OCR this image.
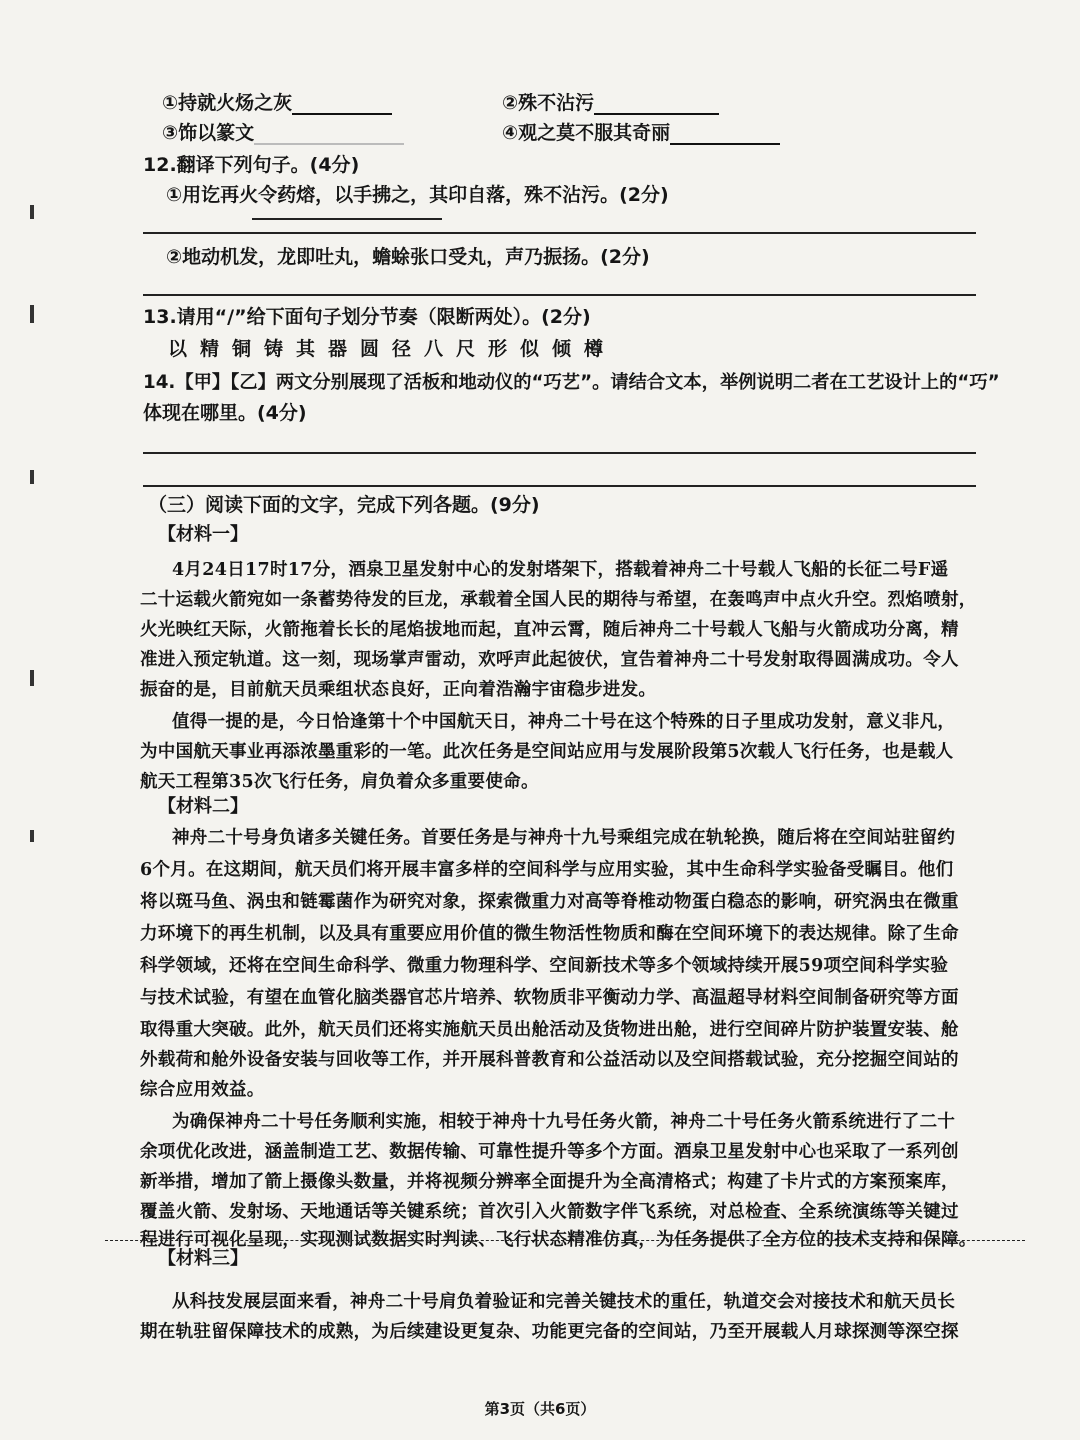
①持就火炀之灰	②殊不沾污
③饰以篆文	④观之莫不服其奇丽
12.翻译下列句子。(4分)
①用讫再火令药熔，以手拂之，其印自落，殊不沾污。(2分)
②地动机发，龙即吐丸，蟾蜍张口受丸，声乃振扬。(2分)
13.请用“/”给下面句子划分节奏（限断两处）。(2分)
以精铜铸其器圆径八尺形似倾樽
14.【甲】【乙】两文分别展现了活板和地动仪的“巧艺”。请结合文本，举例说明二者在工艺设计上的“巧”
体现在哪里。(4分)
（三）阅读下面的文字，完成下列各题。(9分)
【材料一】
4月24日17时17分，酒泉卫星发射中心的发射塔架下，搭载着神舟二十号载人飞船的长征二号F遥
二十运载火箭宛如一条蓄势待发的巨龙，承载着全国人民的期待与希望，在轰鸣声中点火升空。烈焰喷射，
火光映红天际，火箭拖着长长的尾焰拔地而起，直冲云霄，随后神舟二十号载人飞船与火箭成功分离，精
准进入预定轨道。这一刻，现场掌声雷动，欢呼声此起彼伏，宣告着神舟二十号发射取得圆满成功。令人
振奋的是，目前航天员乘组状态良好，正向着浩瀚宇宙稳步进发。
值得一提的是，今日恰逢第十个中国航天日，神舟二十号在这个特殊的日子里成功发射，意义非凡，
为中国航天事业再添浓墨重彩的一笔。此次任务是空间站应用与发展阶段第5次载人飞行任务，也是载人
航天工程第35次飞行任务，肩负着众多重要使命。
【材料二】
神舟二十号身负诸多关键任务。首要任务是与神舟十九号乘组完成在轨轮换，随后将在空间站驻留约
6个月。在这期间，航天员们将开展丰富多样的空间科学与应用实验，其中生命科学实验备受瞩目。他们
将以斑马鱼、涡虫和链霉菌作为研究对象，探索微重力对高等脊椎动物蛋白稳态的影响，研究涡虫在微重
力环境下的再生机制，以及具有重要应用价值的微生物活性物质和酶在空间环境下的表达规律。除了生命
科学领域，还将在空间生命科学、微重力物理科学、空间新技术等多个领域持续开展59项空间科学实验
与技术试验，有望在血管化脑类器官芯片培养、软物质非平衡动力学、高温超导材料空间制备研究等方面
取得重大突破。此外，航天员们还将实施航天员出舱活动及货物进出舱，进行空间碎片防护装置安装、舱
外载荷和舱外设备安装与回收等工作，并开展科普教育和公益活动以及空间搭载试验，充分挖掘空间站的
综合应用效益。
为确保神舟二十号任务顺利实施，相较于神舟十九号任务火箭，神舟二十号任务火箭系统进行了二十
余项优化改进，涵盖制造工艺、数据传输、可靠性提升等多个方面。酒泉卫星发射中心也采取了一系列创
新举措，增加了箭上摄像头数量，并将视频分辨率全面提升为全高清格式；构建了卡片式的方案预案库，
覆盖火箭、发射场、天地通话等关键系统；首次引入火箭数字伴飞系统，对总检查、全系统演练等关键过
程进行可视化呈现，实现测试数据实时判读、飞行状态精准仿真，为任务提供了全方位的技术支持和保障。
【材料三】
从科技发展层面来看，神舟二十号肩负着验证和完善关键技术的重任，轨道交会对接技术和航天员长
期在轨驻留保障技术的成熟，为后续建设更复杂、功能更完备的空间站，乃至开展载人月球探测等深空探
第3页（共6页）
